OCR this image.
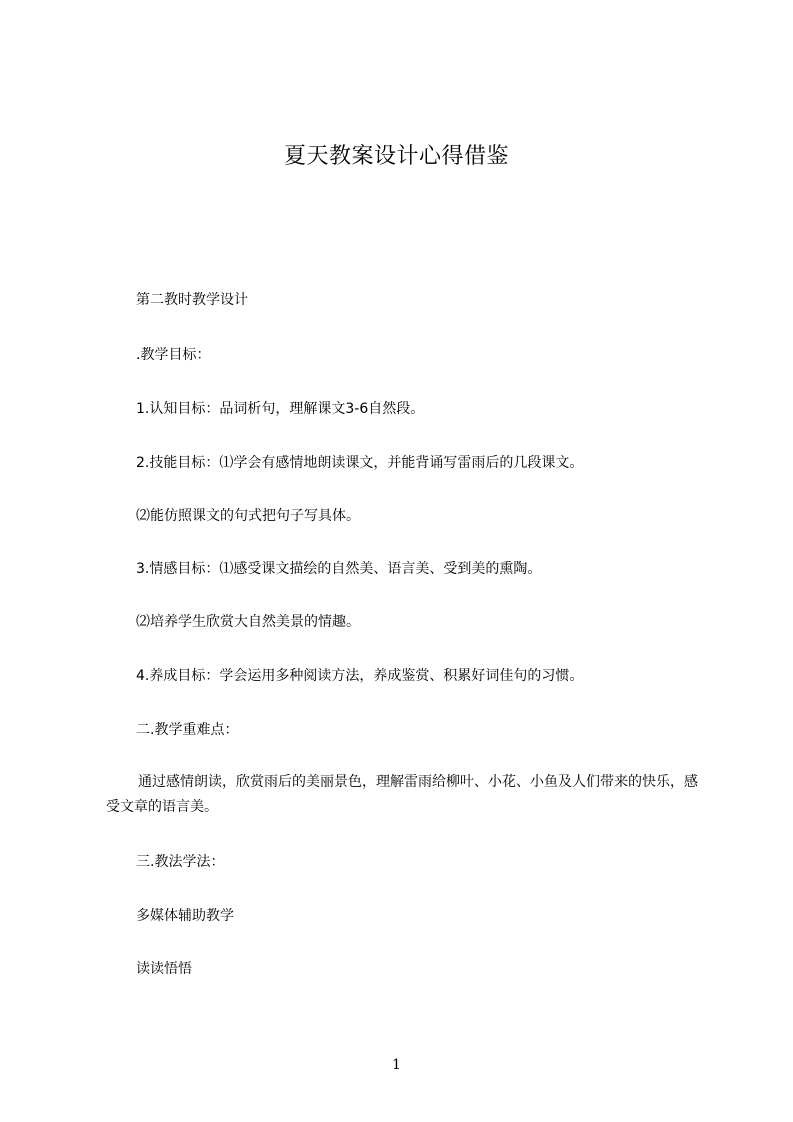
夏天教案设计心得借鉴
第二教时教学设计
.教学目标：
1.认知目标：品词析句，理解课文3-6自然段。
2.技能目标：⑴学会有感情地朗读课文，并能背诵写雷雨后的几段课文。
⑵能仿照课文的句式把句子写具体。
3.情感目标：⑴感受课文描绘的自然美、语言美、受到美的熏陶。
⑵培养学生欣赏大自然美景的情趣。
4.养成目标：学会运用多种阅读方法，养成鉴赏、积累好词佳句的习惯。
二.教学重难点：
通过感情朗读，欣赏雨后的美丽景色，理解雷雨给柳叶、小花、小鱼及人们带来的快乐，感受文章的语言美。
三.教法学法：
多媒体辅助教学
读读悟悟
1
